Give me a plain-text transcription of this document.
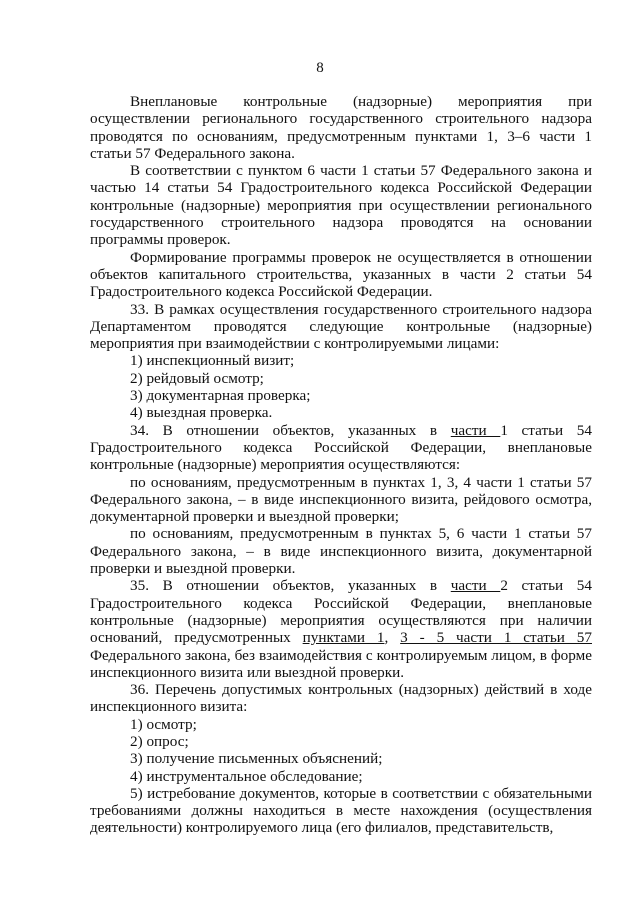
8

Внеплановые контрольные (надзорные) мероприятия при осуществлении регионального государственного строительного надзора проводятся по основаниям, предусмотренным пунктами 1, 3–6 части 1 статьи 57 Федерального закона.

В соответствии с пунктом 6 части 1 статьи 57 Федерального закона и частью 14 статьи 54 Градостроительного кодекса Российской Федерации контрольные (надзорные) мероприятия при осуществлении регионального государственного строительного надзора проводятся на основании программы проверок.

Формирование программы проверок не осуществляется в отношении объектов капитального строительства, указанных в части 2 статьи 54 Градостроительного кодекса Российской Федерации.

33. В рамках осуществления государственного строительного надзора Департаментом проводятся следующие контрольные (надзорные) мероприятия при взаимодействии с контролируемыми лицами:

1) инспекционный визит;

2) рейдовый осмотр;

3) документарная проверка;

4) выездная проверка.

34. В отношении объектов, указанных в части 1 статьи 54 Градостроительного кодекса Российской Федерации, внеплановые контрольные (надзорные) мероприятия осуществляются:

по основаниям, предусмотренным в пунктах 1, 3, 4 части 1 статьи 57 Федерального закона, – в виде инспекционного визита, рейдового осмотра, документарной проверки и выездной проверки;

по основаниям, предусмотренным в пунктах 5, 6 части 1 статьи 57 Федерального закона, – в виде инспекционного визита, документарной проверки и выездной проверки.

35. В отношении объектов, указанных в части 2 статьи 54 Градостроительного кодекса Российской Федерации, внеплановые контрольные (надзорные) мероприятия осуществляются при наличии оснований, предусмотренных пунктами 1, 3 - 5 части 1 статьи 57 Федерального закона, без взаимодействия с контролируемым лицом, в форме инспекционного визита или выездной проверки.

36. Перечень допустимых контрольных (надзорных) действий в ходе инспекционного визита:

1) осмотр;

2) опрос;

3) получение письменных объяснений;

4) инструментальное обследование;

5) истребование документов, которые в соответствии с обязательными требованиями должны находиться в месте нахождения (осуществления деятельности) контролируемого лица (его филиалов, представительств,
